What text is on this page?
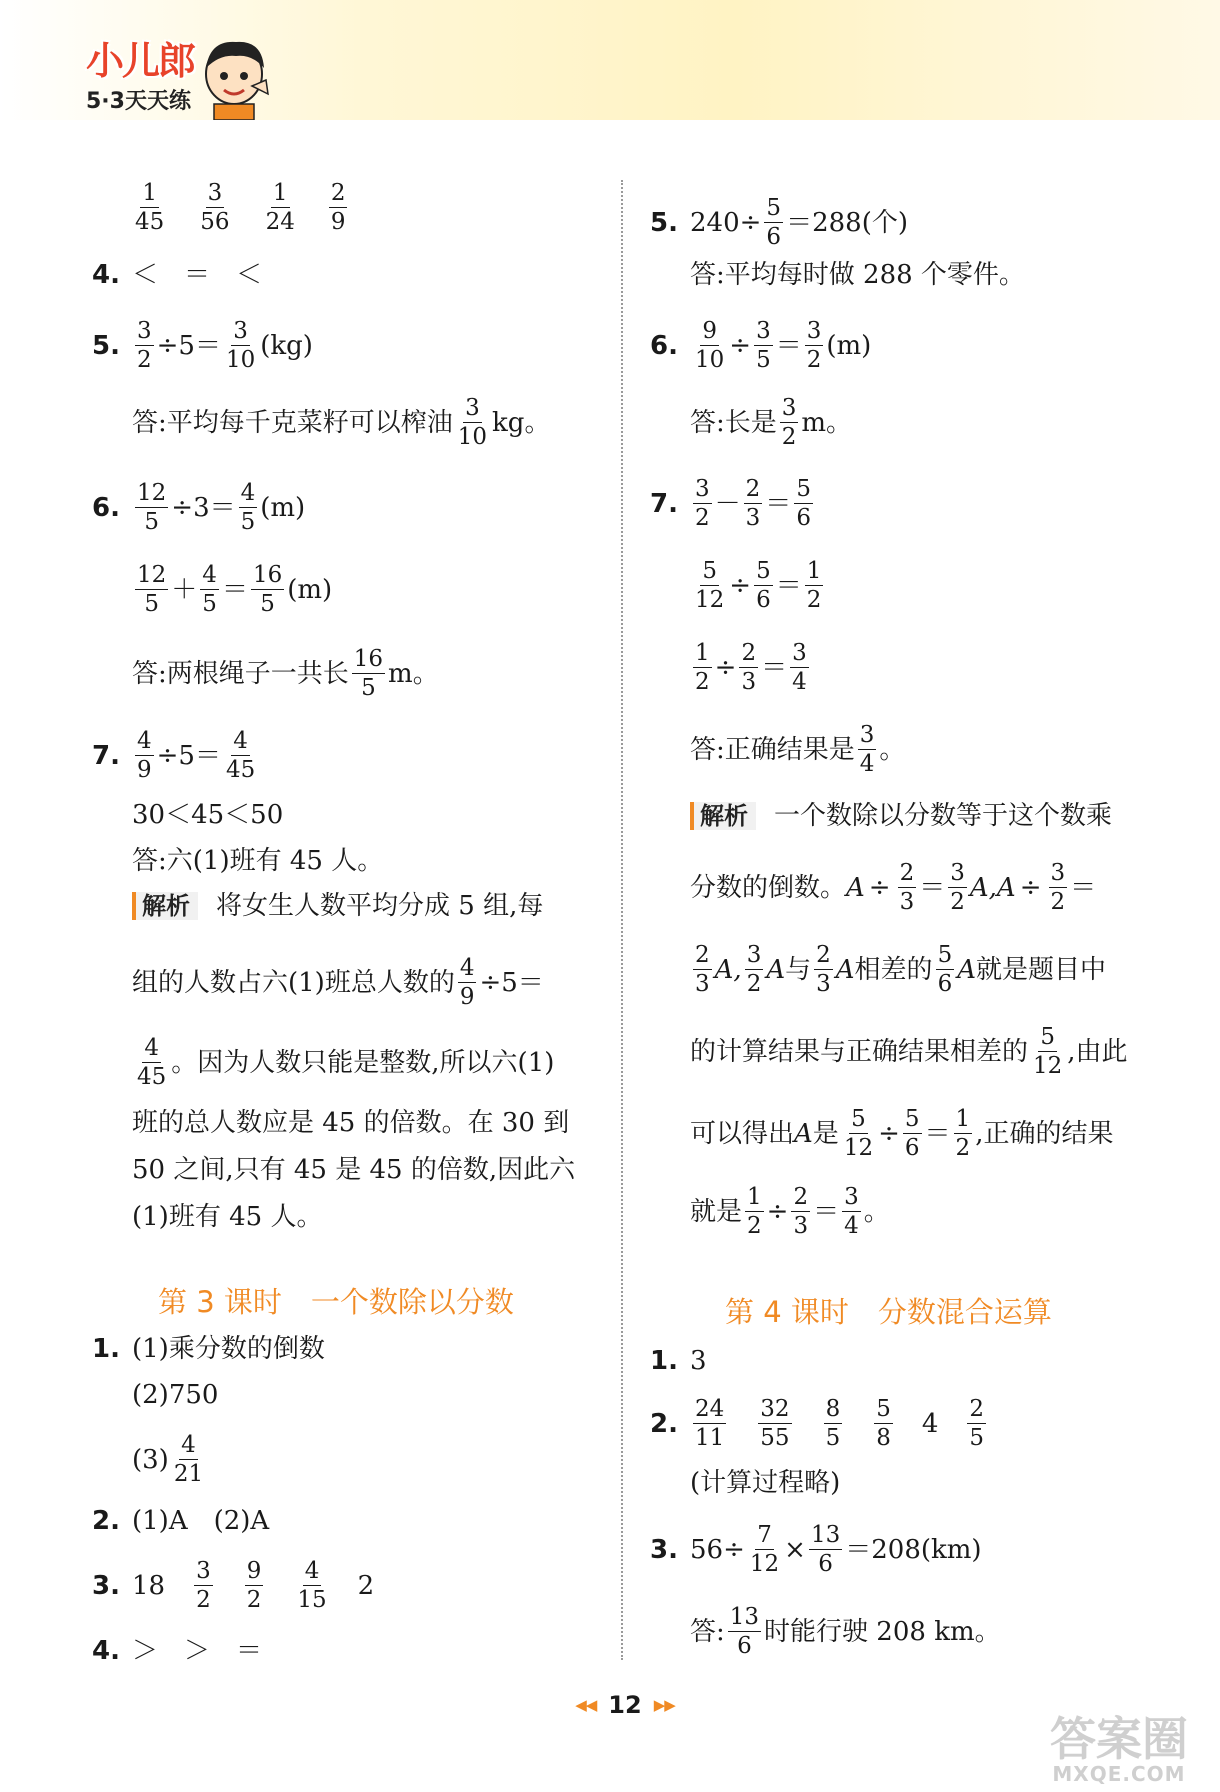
小儿郎
5·3天天练
$\frac{1}{45} \frac{3}{56} \frac{1}{24} \frac{2}{9}$
4. ＜　＝　＜
5. $\frac{3}{2} \div 5= \frac{3}{10} (kg)$
答:平均每千克菜籽可以榨油 $\frac{3}{10}$ kg。
6. $\frac{12}{5} \div 3= \frac{4}{5} (m)$
$\frac{12}{5} + \frac{4}{5} = \frac{16}{5} (m)$
答:两根绳子一共长 $\frac{16}{5}$ m。
7. $\frac{4}{9} \div 5= \frac{4}{45}$
30＜45＜50
答:六(1)班有 45 人。
解析	将女生人数平均分成 5 组,每
组的人数占六(1)班总人数的 $\frac{4}{9} \div 5=$
$\frac{4}{45}$ 。因为人数只能是整数,所以六(1)
班的总人数应是 45 的倍数。在 30 到
50 之间,只有 45 是 45 的倍数,因此六
(1)班有 45 人。
第 3 课时　一个数除以分数
1. (1)乘分数的倒数
(2)750
$(3) \frac{4}{21}$
2. (1)A　(2)A
3. $18 \frac{3}{2} \frac{9}{2} \frac{4}{15} 2$
4. ＞　＞　＝
5. $240\div \frac{5}{6} =288$(个)
答:平均每时做 288 个零件。
6. $\frac{9}{10} \div \frac{3}{5} = \frac{3}{2} (m)$
答:长是 $\frac{3}{2}$ m。
7. $\frac{3}{2} - \frac{2}{3} = \frac{5}{6}$
$\frac{5}{12} \div \frac{5}{6} = \frac{1}{2}$
$\frac{1}{2} \div \frac{2}{3} = \frac{3}{4}$
答:正确结果是 $\frac{3}{4}$ 。
解析	一个数除以分数等于这个数乘
分数的倒数。 $A \div \frac{2}{3} = \frac{3}{2}$ A $,A \div \frac{3}{2}$ ＝
$\frac{2}{3} A$, $\frac{3}{2}$ A 与 $\frac{2}{3}$ A 相差的 $\frac{5}{6}$ A 就是题目中
的计算结果与正确结果相差的 $\frac{5}{12}$ ,由此
可以得出 A 是 $\frac{5}{12} \div \frac{5}{6} = \frac{1}{2}$ ,正确的结果
就是 $\frac{1}{2} \div \frac{2}{3} = \frac{3}{4}$ 。
第 4 课时　分数混合运算
1. 3
2. $\frac{24}{11} \frac{32}{55} \frac{8}{5} \frac{5}{8} 4 \frac{2}{5}$
(计算过程略)
3. $56\div \frac{7}{12} \times \frac{13}{6} =208(km)$
答: $\frac{13}{6}$ 时能行驶 208 km。
◀◀ 12 ▶▶
答案圈
MXQE.COM
